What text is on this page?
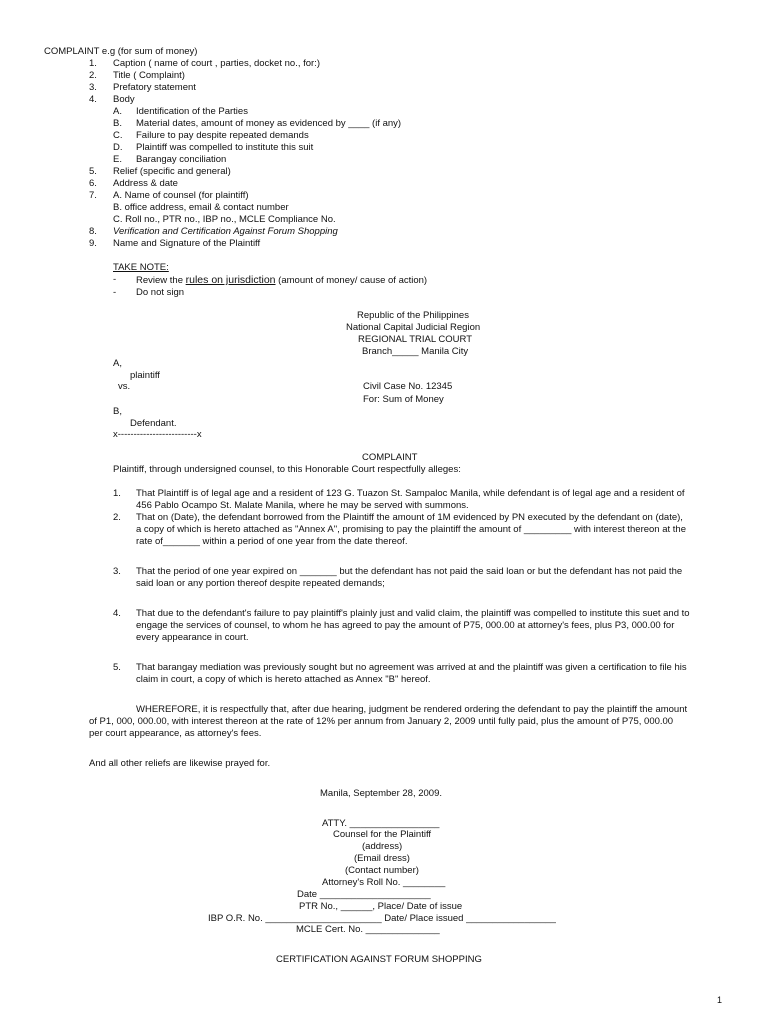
COMPLAINT e.g (for sum of money)
1. Caption ( name of court , parties, docket no., for:)
2. Title ( Complaint)
3. Prefatory statement
4. Body
A. Identification of the Parties
B. Material dates, amount of money as evidenced by ____ (if any)
C. Failure to pay despite repeated demands
D. Plaintiff was compelled to institute this suit
E. Barangay conciliation
5. Relief (specific and general)
6. Address & date
7. A. Name of counsel (for plaintiff)
B. office address, email & contact number
C. Roll no., PTR no., IBP no., MCLE Compliance No.
8. Verification and Certification Against Forum Shopping
9. Name and Signature of the Plaintiff
TAKE NOTE:
- Review the rules on jurisdiction (amount of money/ cause of action)
- Do not sign
Republic of the Philippines
National Capital Judicial Region
REGIONAL TRIAL COURT
Branch_____ Manila City
A,
plaintiff
vs.	Civil Case No. 12345
For: Sum of Money
B,
Defendant.
x-------------------------x
COMPLAINT
Plaintiff, through undersigned counsel, to this Honorable Court respectfully alleges:
1. That Plaintiff is of legal age and a resident of 123 G. Tuazon St. Sampaloc Manila, while defendant is of legal age and a resident of
456 Pablo Ocampo St. Malate Manila, where he may be served with summons.
2. That on (Date), the defendant borrowed from the Plaintiff the amount of 1M evidenced by PN executed by the defendant on (date),
a copy of which is hereto attached as "Annex A", promising to pay the plaintiff the amount of _________ with interest thereon at the
rate of_______ within a period of one year from the date thereof.
3. That the period of one year expired on _______ but the defendant has not paid the said loan or but the defendant has not paid the
said loan or any portion thereof despite repeated demands;
4. That due to the defendant's failure to pay plaintiff's plainly just and valid claim, the plaintiff was compelled to institute this suet and to
engage the services of counsel, to whom he has agreed to pay the amount of P75, 000.00 at attorney's fees, plus P3, 000.00 for
every appearance in court.
5. That barangay mediation was previously sought but no agreement was arrived at and the plaintiff was given a certification to file his
claim in court, a copy of which is hereto attached as Annex "B" hereof.
WHEREFORE, it is respectfully that, after due hearing, judgment be rendered ordering the defendant to pay the plaintiff the amount
of P1, 000, 000.00, with interest thereon at the rate of 12% per annum from January 2, 2009 until fully paid, plus the amount of P75, 000.00
per court appearance, as attorney's fees.
And all other reliefs are likewise prayed for.
Manila, September 28, 2009.
ATTY. _________________
Counsel for the Plaintiff
(address)
(Email dress)
(Contact number)
Attorney's Roll No. ________
Date _____________________
PTR No., ______, Place/ Date of issue
IBP O.R. No. ______________________ Date/ Place issued _________________
MCLE Cert. No. ______________
CERTIFICATION AGAINST FORUM SHOPPING
1
